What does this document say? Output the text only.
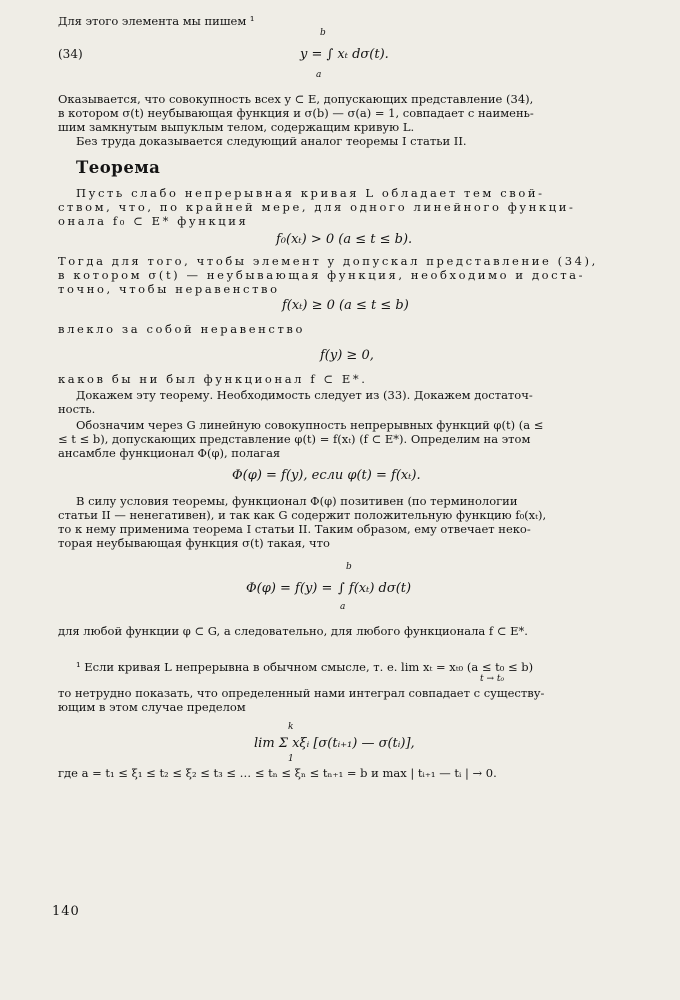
Для этого элемента мы пишем ¹
(34)
b
y = ∫ xₜ dσ(t).
a
Оказывается, что совокупность всех y ⊂ E, допускающих представление (34),
в котором σ(t) неубывающая функция и σ(b) — σ(a) = 1, совпадает с наимень-
шим замкнутым выпуклым телом, содержащим кривую L.
Без труда доказывается следующий аналог теоремы I статьи II.
Теорема
Пусть слабо непрерывная кривая L обладает тем свой-
ством, что, по крайней мере, для одного линейного функци-
онала f₀ ⊂ E* функция
f₀(xₜ) > 0 (a ≤ t ≤ b).
Тогда для того, чтобы элемент y допускал представление (34),
в котором σ(t) — неубывающая функция, необходимо и доста-
точно, чтобы неравенство
f(xₜ) ≥ 0 (a ≤ t ≤ b)
влекло за собой неравенство
f(y) ≥ 0,
каков бы ни был функционал f ⊂ E*.
Докажем эту теорему. Необходимость следует из (33). Докажем достаточ-
ность.
Обозначим через G линейную совокупность непрерывных функций φ(t) (a ≤
≤ t ≤ b), допускающих представление φ(t) = f(xₜ) (f ⊂ E*). Определим на этом
ансамбле функционал Φ(φ), полагая
Φ(φ) = f(y), если φ(t) = f(xₜ).
В силу условия теоремы, функционал Φ(φ) позитивен (по терминологии
статьи II — ненегативен), и так как G содержит положительную функцию f₀(xₜ),
то к нему применима теорема I статьи II. Таким образом, ему отвечает неко-
торая неубывающая функция σ(t) такая, что
b
Φ(φ) = f(y) = ∫ f(xₜ) dσ(t)
a
для любой функции φ ⊂ G, а следовательно, для любого функционала f ⊂ E*.
¹ Если кривая L непрерывна в обычном смысле, т. е. lim xₜ = xₜ₀ (a ≤ t₀ ≤ b)
t → t₀
то нетрудно показать, что определенный нами интеграл совпадает с существу-
ющим в этом случае пределом
k
lim Σ xξᵢ [σ(tᵢ₊₁) — σ(tᵢ)],
1
где a = t₁ ≤ ξ₁ ≤ t₂ ≤ ξ₂ ≤ t₃ ≤ … ≤ tₙ ≤ ξₙ ≤ tₙ₊₁ = b и max | tᵢ₊₁ — tᵢ | → 0.
140
